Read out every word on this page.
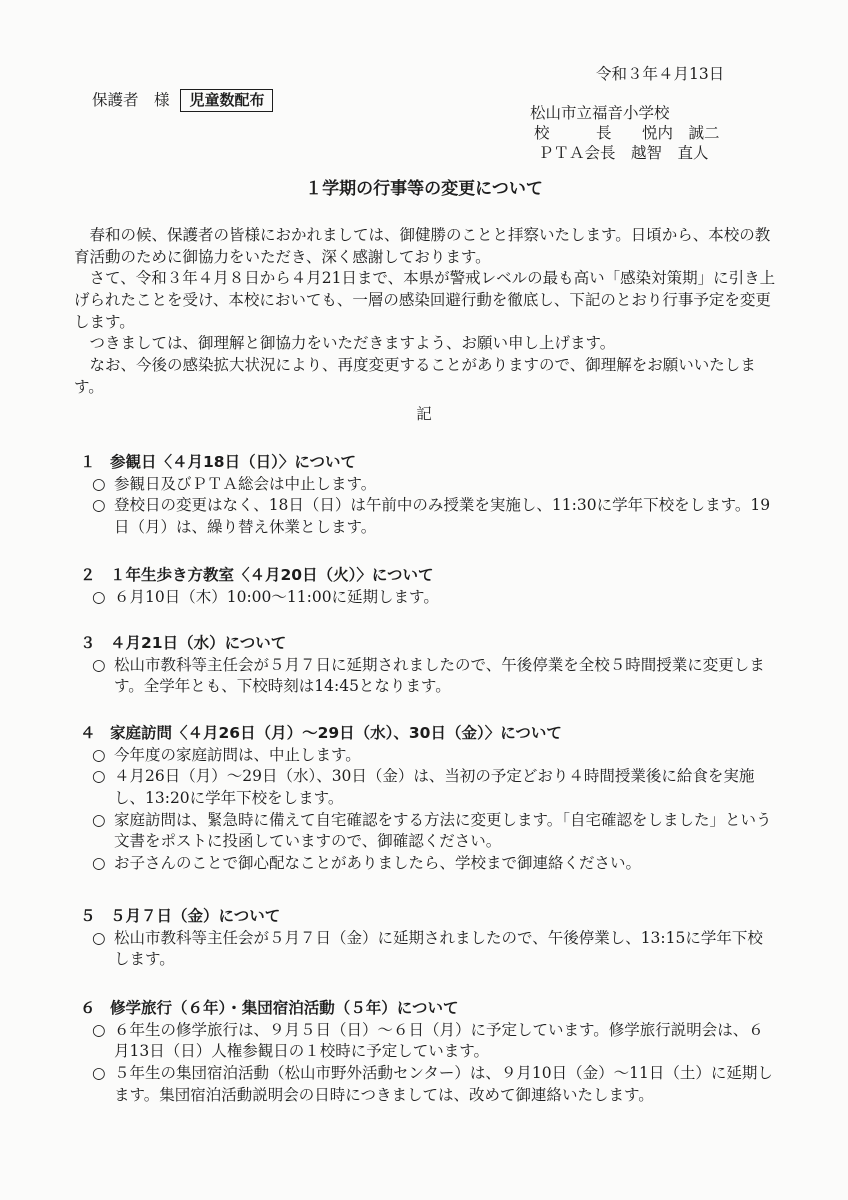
令和３年４月13日
保護者　様 児童数配布
松山市立福音小学校
校　　　長 悦内　誠二
ＰＴＡ会長　 越智　直人
１学期の行事等の変更について

　春和の候、保護者の皆様におかれましては、御健勝のことと拝察いたします。日頃から、本校の教育活動のために御協力をいただき、深く感謝しております。

　さて、令和３年４月８日から４月21日まで、本県が警戒レベルの最も高い「感染対策期」に引き上げられたことを受け、本校においても、一層の感染回避行動を徹底し、下記のとおり行事予定を変更します。

　つきましては、御理解と御協力をいただきますよう、お願い申し上げます。

　なお、今後の感染拡大状況により、再度変更することがありますので、御理解をお願いいたします。

記
１ 参観日〈４月18日（日）〉について
○ 参観日及びＰＴＡ総会は中止します。
○ 登校日の変更はなく、18日（日）は午前中のみ授業を実施し、11:30に学年下校をします。19日（月）は、繰り替え休業とします。
２ １年生歩き方教室〈４月20日（火）〉について
○ ６月10日（木）10:00～11:00に延期します。
３ ４月21日（水）について
○ 松山市教科等主任会が５月７日に延期されましたので、午後停業を全校５時間授業に変更します。全学年とも、下校時刻は14:45となります。
４ 家庭訪問〈４月26日（月）～29日（水）、30日（金）〉について
○ 今年度の家庭訪問は、中止します。
○ ４月26日（月）～29日（水）、30日（金）は、当初の予定どおり４時間授業後に給食を実施し、13:20に学年下校をします。
○ 家庭訪問は、緊急時に備えて自宅確認をする方法に変更します。「自宅確認をしました」という文書をポストに投函していますので、御確認ください。
○ お子さんのことで御心配なことがありましたら、学校まで御連絡ください。
５ ５月７日（金）について
○ 松山市教科等主任会が５月７日（金）に延期されましたので、午後停業し、13:15に学年下校します。
６ 修学旅行（６年）・集団宿泊活動（５年）について
○ ６年生の修学旅行は、９月５日（日）～６日（月）に予定しています。修学旅行説明会は、６月13日（日）人権参観日の１校時に予定しています。
○ ５年生の集団宿泊活動（松山市野外活動センター）は、９月10日（金）～11日（土）に延期します。集団宿泊活動説明会の日時につきましては、改めて御連絡いたします。
